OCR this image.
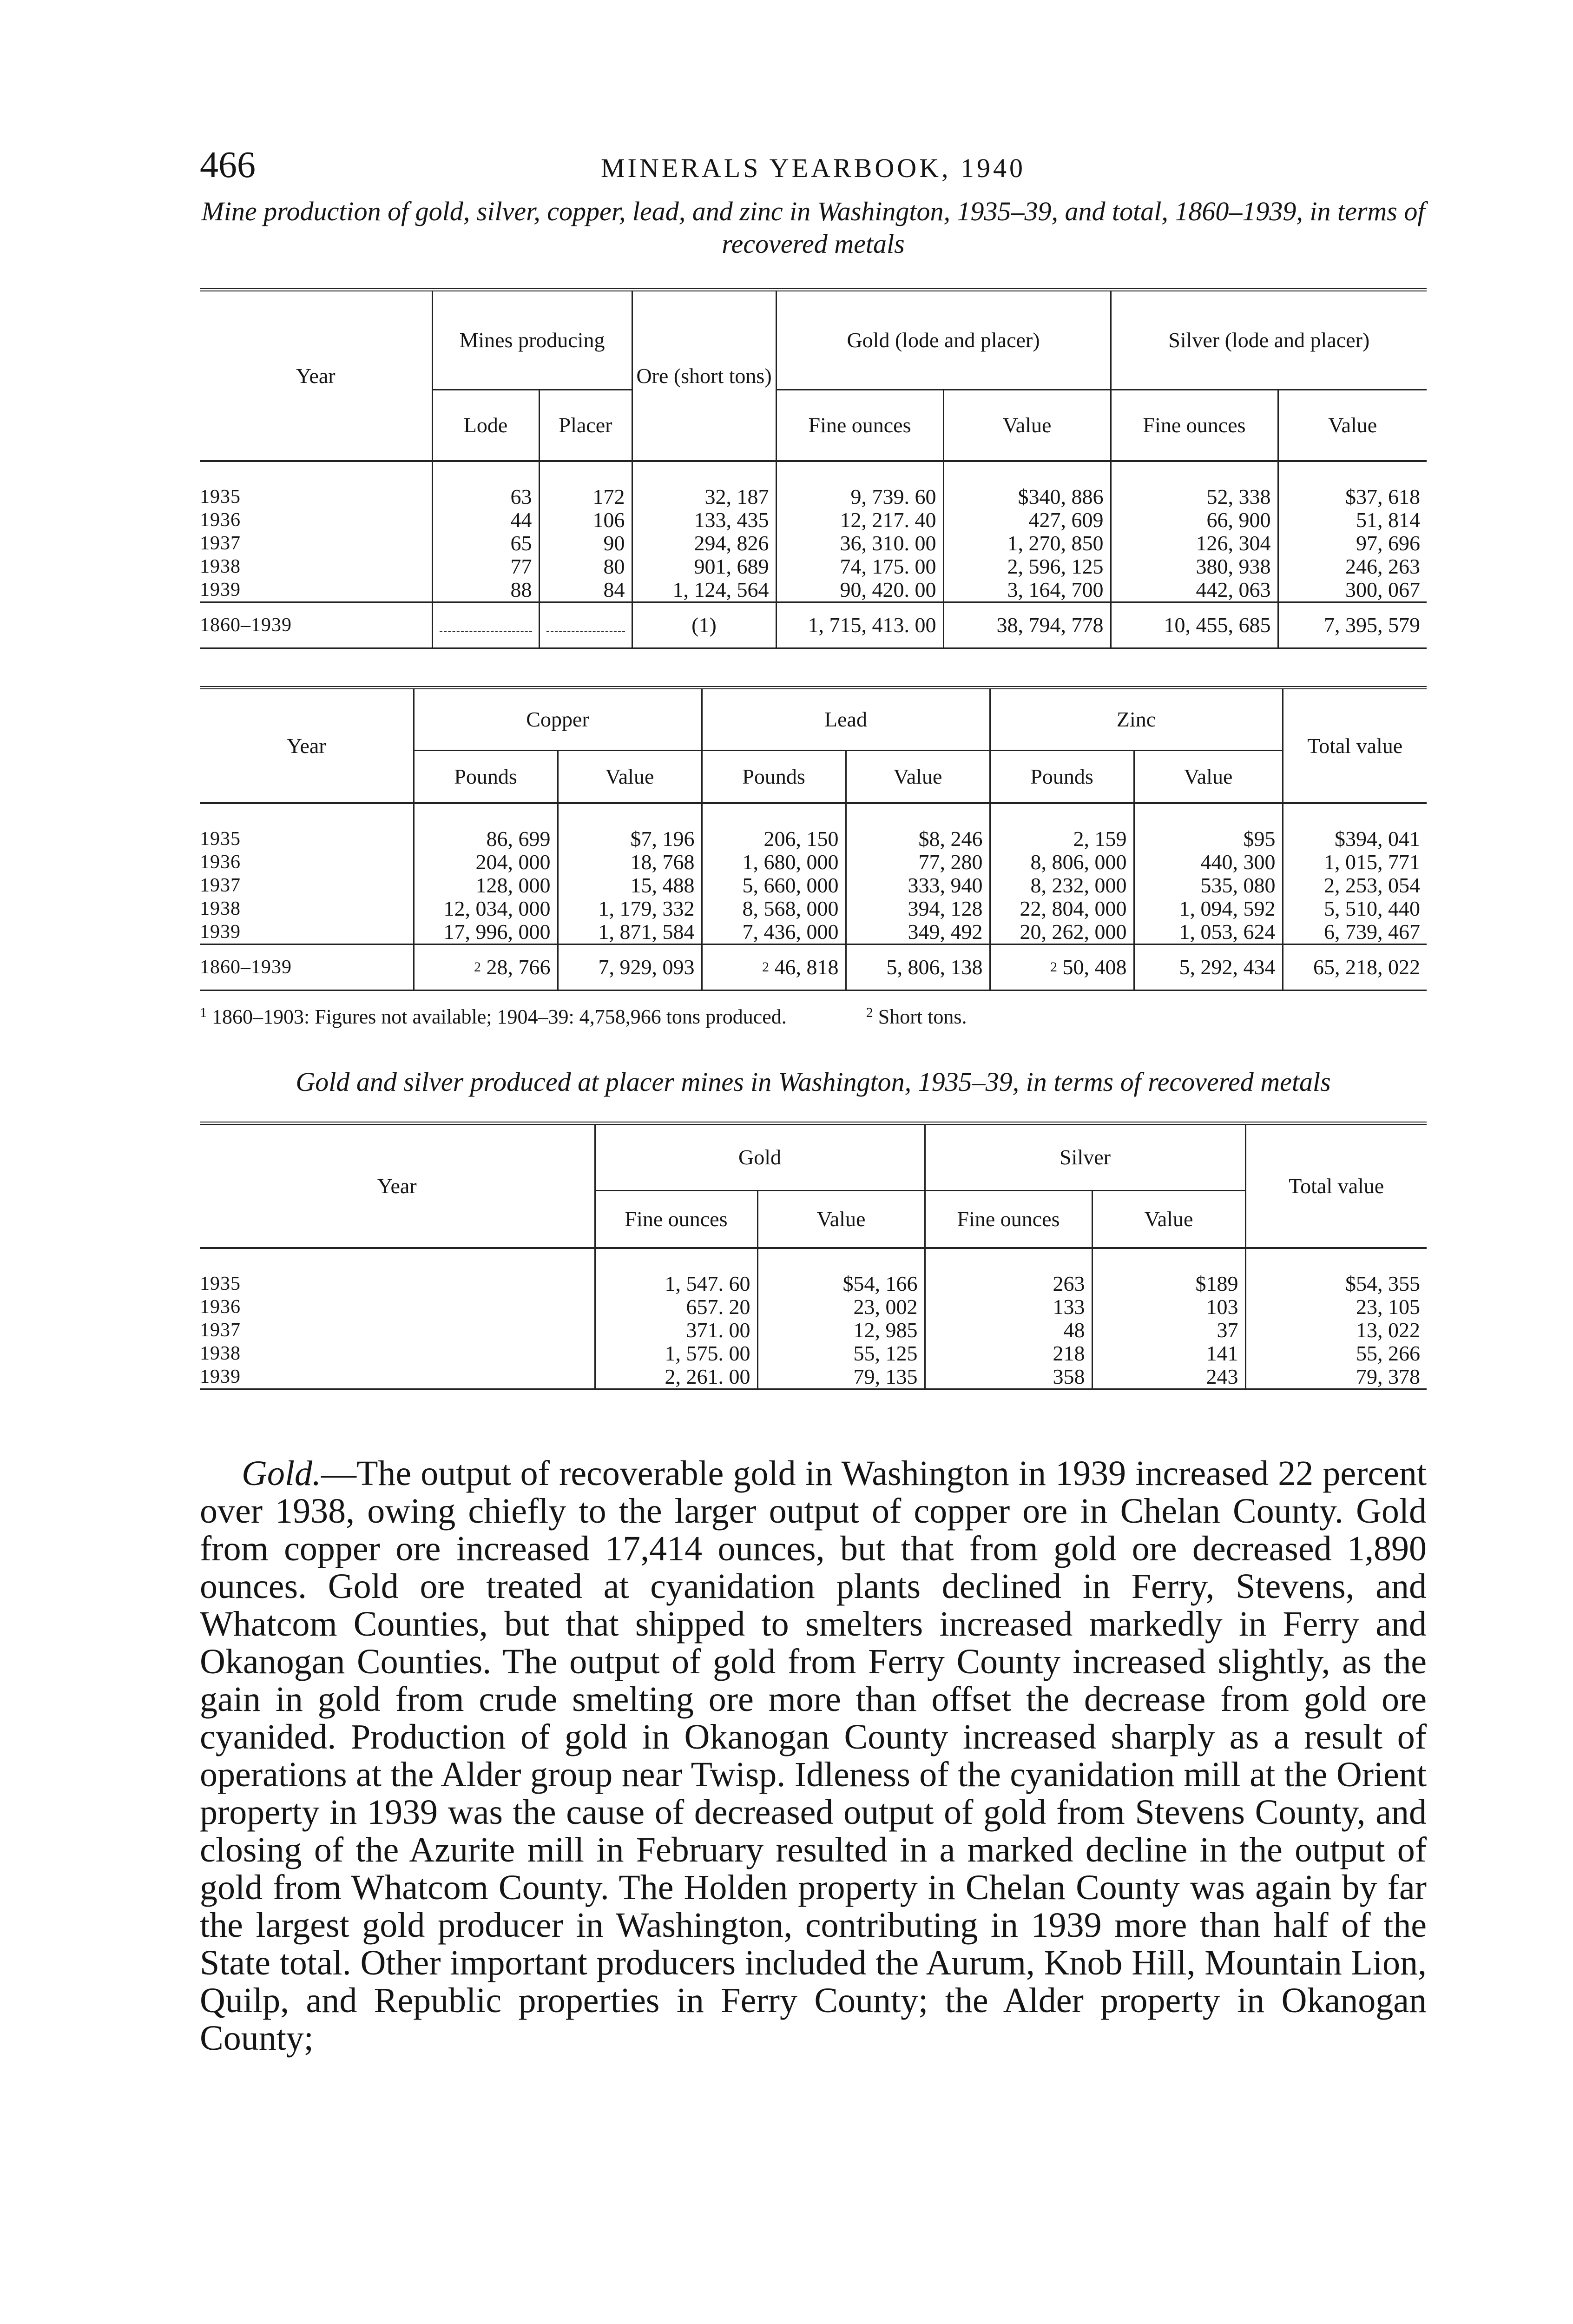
466	MINERALS YEARBOOK, 1940

Mine production of gold, silver, copper, lead, and zinc in Washington, 1935–39, and total, 1860–1939, in terms of recovered metals

Year	Mines producing		Ore (short tons)	Gold (lode and placer)		Silver (lode and placer)	
	Lode	Placer		Fine ounces	Value	Fine ounces	Value

1935	63	172	32, 187	9, 739. 60	$340, 886	52, 338	$37, 618
1936	44	106	133, 435	12, 217. 40	427, 609	66, 900	51, 814
1937	65	90	294, 826	36, 310. 00	1, 270, 850	126, 304	97, 696
1938	77	80	901, 689	74, 175. 00	2, 596, 125	380, 938	246, 263
1939	88	84	1, 124, 564	90, 420. 00	3, 164, 700	442, 063	300, 067
1860–1939			(1)	1, 715, 413. 00	38, 794, 778	10, 455, 685	7, 395, 579
Year	Copper		Lead		Zinc		Total value
	Pounds	Value	Pounds	Value	Pounds	Value	

1935	86, 699	$7, 196	206, 150	$8, 246	2, 159	$95	$394, 041
1936	204, 000	18, 768	1, 680, 000	77, 280	8, 806, 000	440, 300	1, 015, 771
1937	128, 000	15, 488	5, 660, 000	333, 940	8, 232, 000	535, 080	2, 253, 054
1938	12, 034, 000	1, 179, 332	8, 568, 000	394, 128	22, 804, 000	1, 094, 592	5, 510, 440
1939	17, 996, 000	1, 871, 584	7, 436, 000	349, 492	20, 262, 000	1, 053, 624	6, 739, 467
1860–1939	$^2$ 28, 766	7, 929, 093	$^2$ 46, 818	5, 806, 138	$^2$ 50, 408	5, 292, 434	65, 218, 022
$^1$ 1860–1903: Figures not available; 1904–39: 4,758,966 tons produced.	$^2$ Short tons.

Gold and silver produced at placer mines in Washington, 1935–39, in terms of recovered metals

Year	Gold		Silver		Total value
	Fine ounces	Value	Fine ounces	Value	

1935	1, 547. 60	$54, 166	263	$189	$54, 355
1936	657. 20	23, 002	133	103	23, 105
1937	371. 00	12, 985	48	37	13, 022
1938	1, 575. 00	55, 125	218	141	55, 266
1939	2, 261. 00	79, 135	358	243	79, 378

Gold.—The output of recoverable gold in Washington in 1939 increased 22 percent over 1938, owing chiefly to the larger output of copper ore in Chelan County. Gold from copper ore increased 17,414 ounces, but that from gold ore decreased 1,890 ounces. Gold ore treated at cyanidation plants declined in Ferry, Stevens, and Whatcom Counties, but that shipped to smelters increased markedly in Ferry and Okanogan Counties. The output of gold from Ferry County increased slightly, as the gain in gold from crude smelting ore more than offset the decrease from gold ore cyanided. Production of gold in Okanogan County increased sharply as a result of operations at the Alder group near Twisp. Idleness of the cyanidation mill at the Orient property in 1939 was the cause of decreased output of gold from Stevens County, and closing of the Azurite mill in February resulted in a marked decline in the output of gold from Whatcom County. The Holden property in Chelan County was again by far the largest gold producer in Washington, contributing in 1939 more than half of the State total. Other important producers included the Aurum, Knob Hill, Mountain Lion, Quilp, and Republic properties in Ferry County; the Alder property in Okanogan County;
